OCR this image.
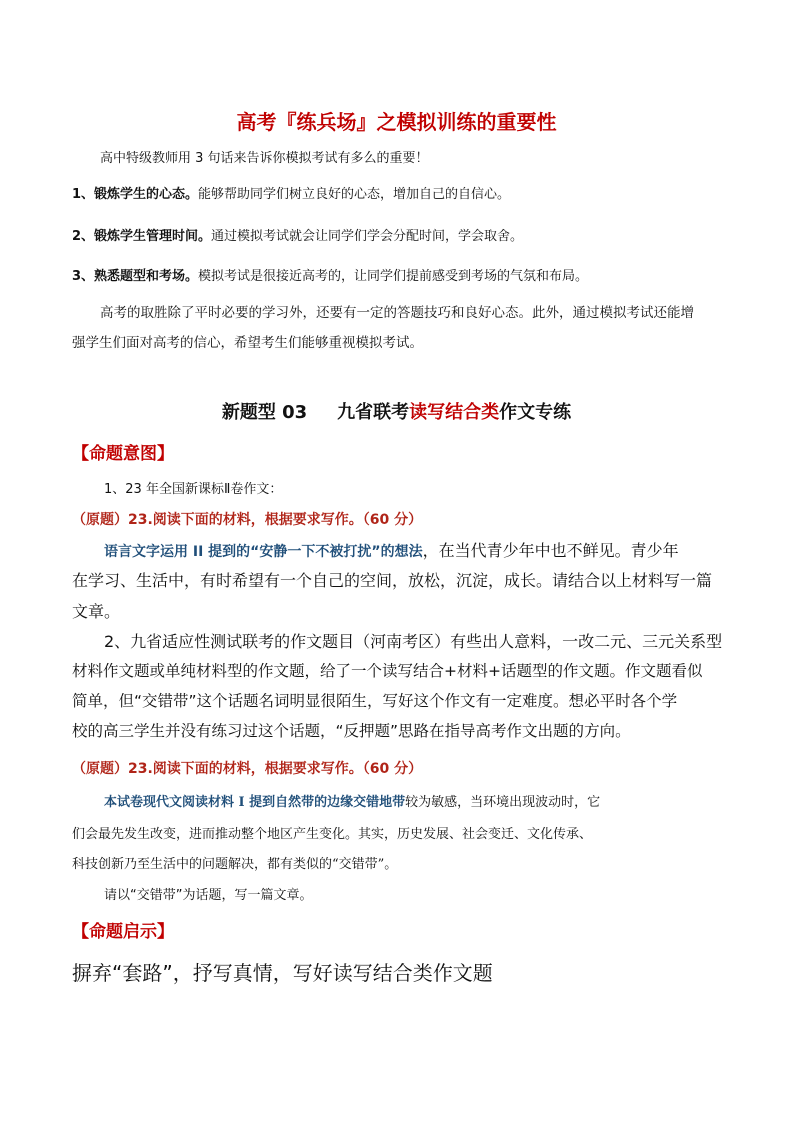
高考『练兵场』之模拟训练的重要性
高中特级教师用 3 句话来告诉你模拟考试有多么的重要！
1、锻炼学生的心态。能够帮助同学们树立良好的心态，增加自己的自信心。
2、锻炼学生管理时间。通过模拟考试就会让同学们学会分配时间，学会取舍。
3、熟悉题型和考场。模拟考试是很接近高考的，让同学们提前感受到考场的气氛和布局。
高考的取胜除了平时必要的学习外，还要有一定的答题技巧和良好心态。此外，通过模拟考试还能增
强学生们面对高考的信心，希望考生们能够重视模拟考试。
新题型 03 九省联考读写结合类作文专练
【命题意图】
1、23 年全国新课标Ⅱ卷作文：
（原题）23.阅读下面的材料，根据要求写作。（60 分）
语言文字运用 II 提到的“安静一下不被打扰”的想法，在当代青少年中也不鲜见。青少年
在学习、生活中，有时希望有一个自己的空间，放松，沉淀，成长。请结合以上材料写一篇
文章。
2、九省适应性测试联考的作文题目（河南考区）有些出人意料，一改二元、三元关系型
材料作文题或单纯材料型的作文题，给了一个读写结合+材料+话题型的作文题。作文题看似
简单，但“交错带”这个话题名词明显很陌生，写好这个作文有一定难度。想必平时各个学
校的高三学生并没有练习过这个话题，“反押题”思路在指导高考作文出题的方向。
（原题）23.阅读下面的材料，根据要求写作。（60 分）
本试卷现代文阅读材料 I 提到自然带的边缘交错地带较为敏感，当环境出现波动时，它
们会最先发生改变，进而推动整个地区产生变化。其实，历史发展、社会变迁、文化传承、
科技创新乃至生活中的问题解决，都有类似的“交错带”。
请以“交错带”为话题，写一篇文章。
【命题启示】
摒弃“套路”，抒写真情，写好读写结合类作文题
